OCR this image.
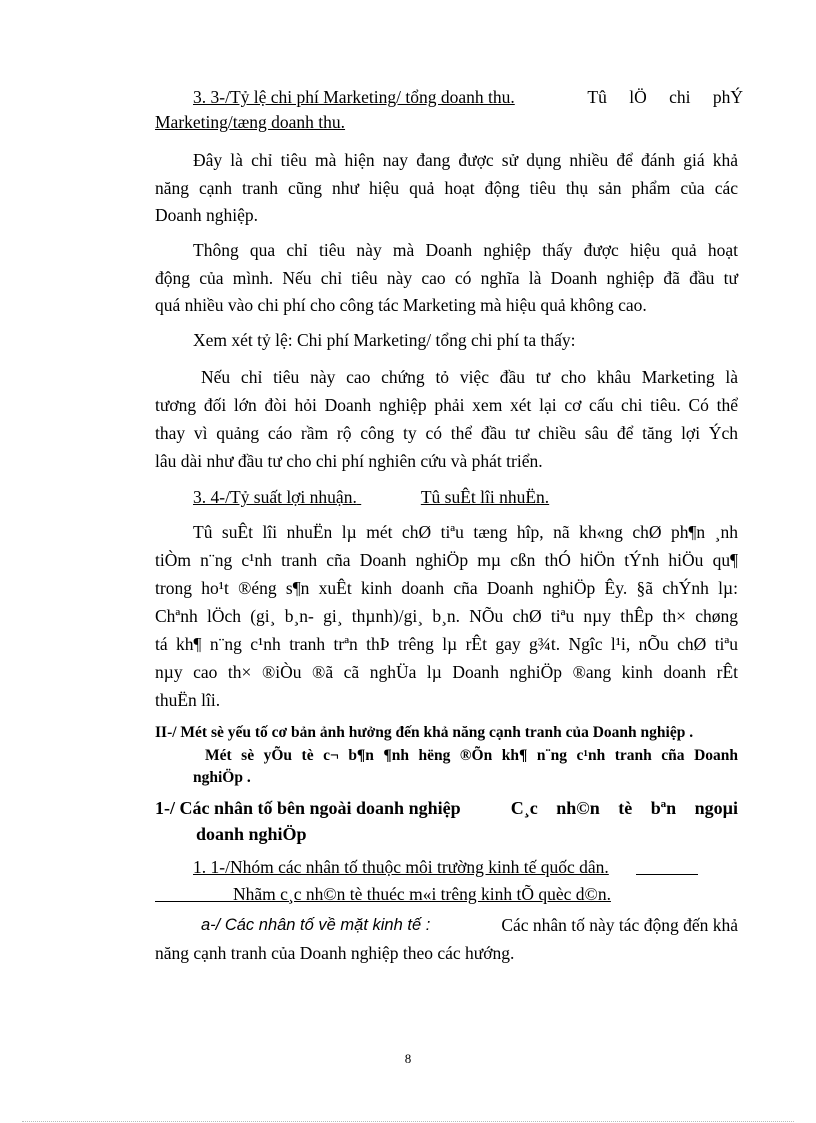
3. 3-/Tỷ lệ chi phí Marketing/ tổng doanh thu.	Tû lÖ chi phÝ
Marketing/tæng doanh thu.
Đây là chỉ tiêu mà hiện nay đang được sử dụng nhiều để đánh giá khả
năng cạnh tranh cũng như hiệu quả hoạt động tiêu thụ sản phẩm của các
Doanh nghiệp.
Thông qua chỉ tiêu này mà Doanh nghiệp thấy được hiệu quả hoạt
động của mình. Nếu chỉ tiêu này cao có nghĩa là Doanh nghiệp đã đầu tư
quá nhiều vào chi phí cho công tác Marketing mà hiệu quả không cao.
Xem xét tỷ lệ: Chi phí Marketing/ tổng chi phí ta thấy:
Nếu chỉ tiêu này cao chứng tỏ việc đầu tư cho khâu Marketing là
tương đối lớn đòi hỏi Doanh nghiệp phải xem xét lại cơ cấu chi tiêu. Có thể
thay vì quảng cáo rầm rộ công ty có thể đầu tư chiều sâu để tăng lợi Ých
lâu dài như đầu tư cho chi phí nghiên cứu và phát triển.
3. 4-/Tỷ suất lợi nhuận.	Tû suÊt lîi nhuËn.
Tû suÊt lîi nhuËn lµ mét chØ tiªu tæng hîp, nã kh«ng chØ ph¶n ¸nh
tiÒm n¨ng c¹nh tranh cña Doanh nghiÖp mµ cßn thÓ hiÖn tÝnh hiÖu qu¶
trong ho¹t ®éng s¶n xuÊt kinh doanh cña Doanh nghiÖp Êy. §ã chÝnh lµ:
Chªnh lÖch (gi¸ b¸n- gi¸ thµnh)/gi¸ b¸n. NÕu chØ tiªu nµy thÊp th× chøng
tá kh¶ n¨ng c¹nh tranh trªn thÞ trêng lµ rÊt gay g¾t. Ngîc l¹i, nÕu chØ tiªu
nµy cao th× ®iÒu ®ã cã nghÜa lµ Doanh nghiÖp ®ang kinh doanh rÊt
thuËn lîi.
II-/ Mét sè yếu tố cơ bản ảnh hưởng đến khả năng cạnh tranh của Doanh nghiệp .
Mét sè yÕu tè c¬ b¶n ¶nh hëng ®Õn kh¶ n¨ng c¹nh tranh cña Doanh
nghiÖp .
1-/ Các nhân tố bên ngoài doanh nghiệp	C¸c nh©n tè bªn ngoµi
doanh nghiÖp
1. 1-/Nhóm các nhân tố thuộc môi trường kinh tế quốc dân.
Nhãm c¸c nh©n tè thuéc m«i trêng kinh tÕ quèc d©n.
a-/ Các nhân tố về mặt kinh tế :	Các nhân tố này tác động đến khả
năng cạnh tranh của Doanh nghiệp theo các hướng.
8
